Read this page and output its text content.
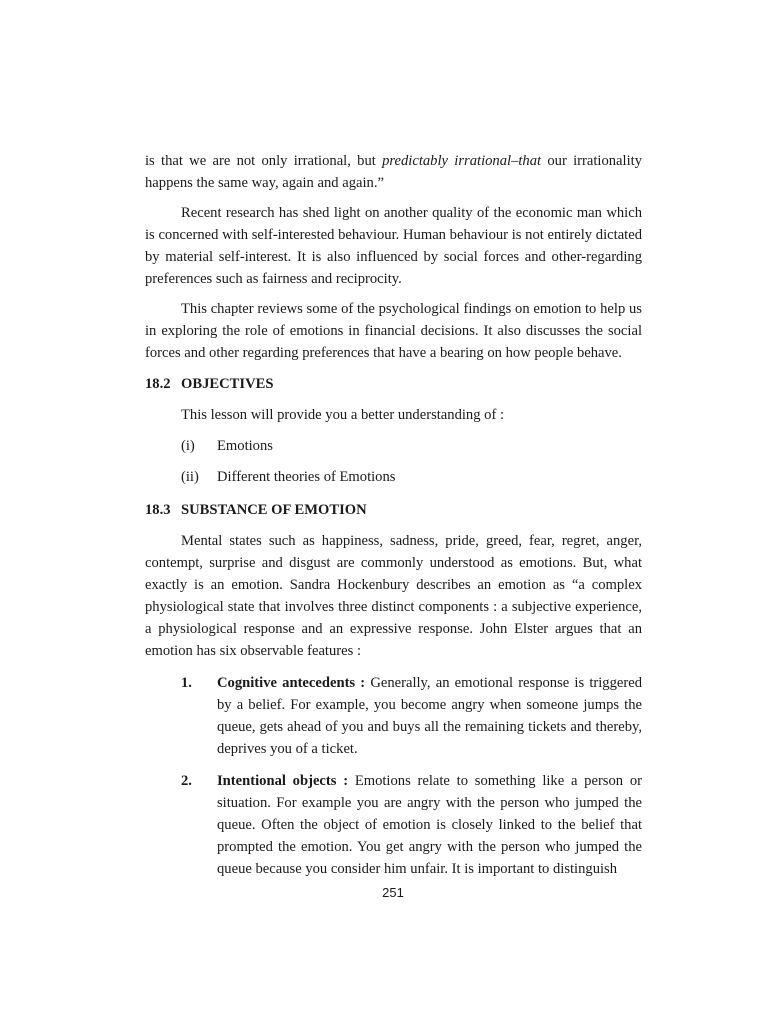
is that we are not only irrational, but predictably irrational–that our irrationality happens the same way, again and again.”

Recent research has shed light on another quality of the economic man which is concerned with self-interested behaviour. Human behaviour is not entirely dictated by material self-interest. It is also influenced by social forces and other-regarding preferences such as fairness and reciprocity.

This chapter reviews some of the psychological findings on emotion to help us in exploring the role of emotions in financial decisions. It also discusses the social forces and other regarding preferences that have a bearing on how people behave.

18.2 OBJECTIVES

This lesson will provide you a better understanding of :

(i)	Emotions
(ii)	Different theories of Emotions
18.3 SUBSTANCE OF EMOTION

Mental states such as happiness, sadness, pride, greed, fear, regret, anger, contempt, surprise and disgust are commonly understood as emotions. But, what exactly is an emotion. Sandra Hockenbury describes an emotion as “a complex physiological state that involves three distinct components : a subjective experience, a physiological response and an expressive response. John Elster argues that an emotion has six observable features :

1.	Cognitive antecedents : Generally, an emotional response is triggered by a belief. For example, you become angry when someone jumps the queue, gets ahead of you and buys all the remaining tickets and thereby, deprives you of a ticket.
2.	Intentional objects : Emotions relate to something like a person or situation. For example you are angry with the person who jumped the queue. Often the object of emotion is closely linked to the belief that prompted the emotion. You get angry with the person who jumped the queue because you consider him unfair. It is important to distinguish
251
